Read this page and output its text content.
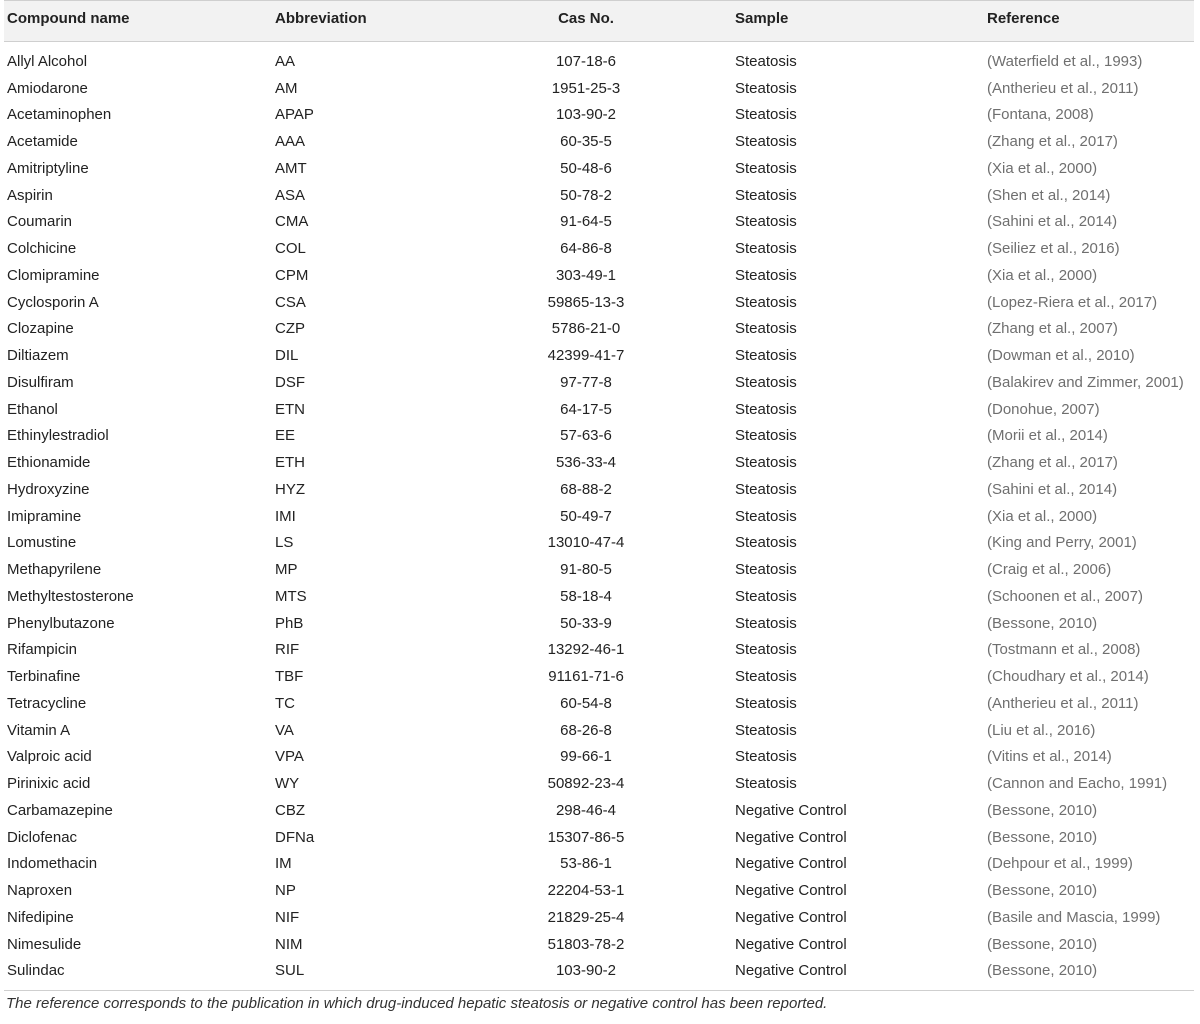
Compound name	Abbreviation	Cas No.	Sample	Reference
Allyl Alcohol	AA	107-18-6	Steatosis	(Waterfield et al., 1993)
Amiodarone	AM	1951-25-3	Steatosis	(Antherieu et al., 2011)
Acetaminophen	APAP	103-90-2	Steatosis	(Fontana, 2008)
Acetamide	AAA	60-35-5	Steatosis	(Zhang et al., 2017)
Amitriptyline	AMT	50-48-6	Steatosis	(Xia et al., 2000)
Aspirin	ASA	50-78-2	Steatosis	(Shen et al., 2014)
Coumarin	CMA	91-64-5	Steatosis	(Sahini et al., 2014)
Colchicine	COL	64-86-8	Steatosis	(Seiliez et al., 2016)
Clomipramine	CPM	303-49-1	Steatosis	(Xia et al., 2000)
Cyclosporin A	CSA	59865-13-3	Steatosis	(Lopez-Riera et al., 2017)
Clozapine	CZP	5786-21-0	Steatosis	(Zhang et al., 2007)
Diltiazem	DIL	42399-41-7	Steatosis	(Dowman et al., 2010)
Disulfiram	DSF	97-77-8	Steatosis	(Balakirev and Zimmer, 2001)
Ethanol	ETN	64-17-5	Steatosis	(Donohue, 2007)
Ethinylestradiol	EE	57-63-6	Steatosis	(Morii et al., 2014)
Ethionamide	ETH	536-33-4	Steatosis	(Zhang et al., 2017)
Hydroxyzine	HYZ	68-88-2	Steatosis	(Sahini et al., 2014)
Imipramine	IMI	50-49-7	Steatosis	(Xia et al., 2000)
Lomustine	LS	13010-47-4	Steatosis	(King and Perry, 2001)
Methapyrilene	MP	91-80-5	Steatosis	(Craig et al., 2006)
Methyltestosterone	MTS	58-18-4	Steatosis	(Schoonen et al., 2007)
Phenylbutazone	PhB	50-33-9	Steatosis	(Bessone, 2010)
Rifampicin	RIF	13292-46-1	Steatosis	(Tostmann et al., 2008)
Terbinafine	TBF	91161-71-6	Steatosis	(Choudhary et al., 2014)
Tetracycline	TC	60-54-8	Steatosis	(Antherieu et al., 2011)
Vitamin A	VA	68-26-8	Steatosis	(Liu et al., 2016)
Valproic acid	VPA	99-66-1	Steatosis	(Vitins et al., 2014)
Pirinixic acid	WY	50892-23-4	Steatosis	(Cannon and Eacho, 1991)
Carbamazepine	CBZ	298-46-4	Negative Control	(Bessone, 2010)
Diclofenac	DFNa	15307-86-5	Negative Control	(Bessone, 2010)
Indomethacin	IM	53-86-1	Negative Control	(Dehpour et al., 1999)
Naproxen	NP	22204-53-1	Negative Control	(Bessone, 2010)
Nifedipine	NIF	21829-25-4	Negative Control	(Basile and Mascia, 1999)
Nimesulide	NIM	51803-78-2	Negative Control	(Bessone, 2010)
Sulindac	SUL	103-90-2	Negative Control	(Bessone, 2010)
The reference corresponds to the publication in which drug-induced hepatic steatosis or negative control has been reported.
